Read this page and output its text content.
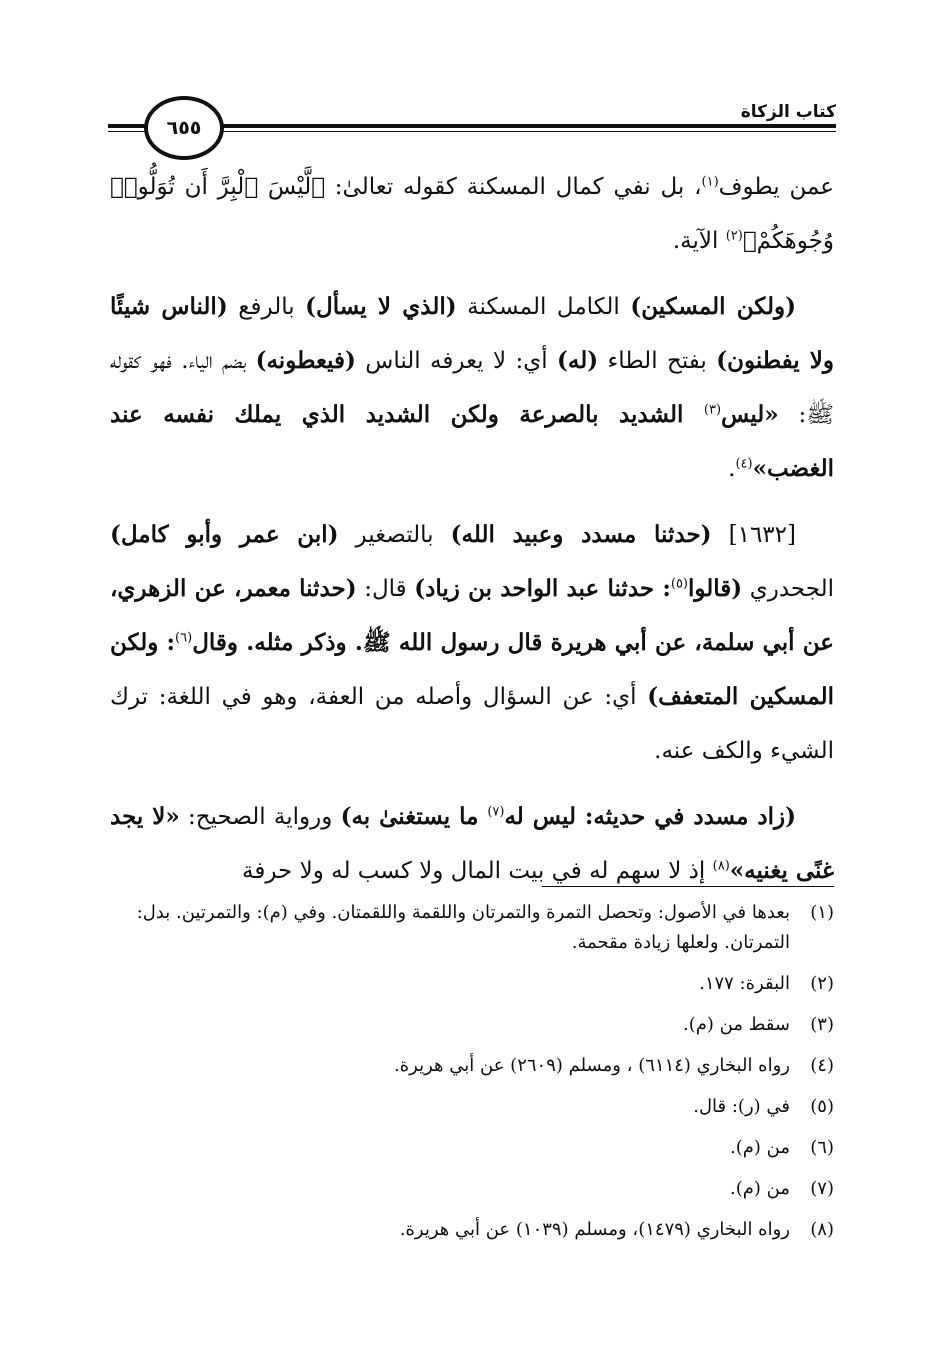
كتاب الزكاة
٦٥٥

عمن يطوف$^{(١)}$، بل نفي كمال المسكنة كقوله تعالىٰ: ﴿لَّيْسَ ٱلْبِرَّ أَن تُوَلُّوا۟ وُجُوهَكُمْ﴾$^{(٢)}$ الآية.

(ولكن المسكين) الكامل المسكنة (الذي لا يسأل) بالرفع (الناس شيئًا ولا يفطنون) بفتح الطاء (له) أي: لا يعرفه الناس (فيعطونه) بضم الياء. فهو كقوله ﷺ: «ليس$^{(٣)}$ الشديد بالصرعة ولكن الشديد الذي يملك نفسه عند الغضب»$^{(٤)}$.

[١٦٣٢] (حدثنا مسدد وعبيد الله) بالتصغير (ابن عمر وأبو كامل) الجحدري (قالوا$^{(٥)}$: حدثنا عبد الواحد بن زياد) قال: (حدثنا معمر، عن الزهري، عن أبي سلمة، عن أبي هريرة قال رسول الله ﷺ. وذكر مثله. وقال$^{(٦)}$: ولكن المسكين المتعفف) أي: عن السؤال وأصله من العفة، وهو في اللغة: ترك الشيء والكف عنه.

(زاد مسدد في حديثه: ليس له$^{(٧)}$ ما يستغنىٰ به) ورواية الصحيح: «لا يجد غنًى يغنيه»$^{(٨)}$ إذ لا سهم له في بيت المال ولا كسب له ولا حرفة

(١)
بعدها في الأصول: وتحصل التمرة والتمرتان واللقمة واللقمتان. وفي (م): والتمرتين. بدل: التمرتان. ولعلها زيادة مقحمة.
(٢)
البقرة: ١٧٧.
(٣)
سقط من (م).
(٤)
رواه البخاري (٦١١٤) ، ومسلم (٢٦٠٩) عن أبي هريرة.
(٥)
في (ر): قال.
(٦)
من (م).
(٧)
من (م).
(٨)
رواه البخاري (١٤٧٩)، ومسلم (١٠٣٩) عن أبي هريرة.
